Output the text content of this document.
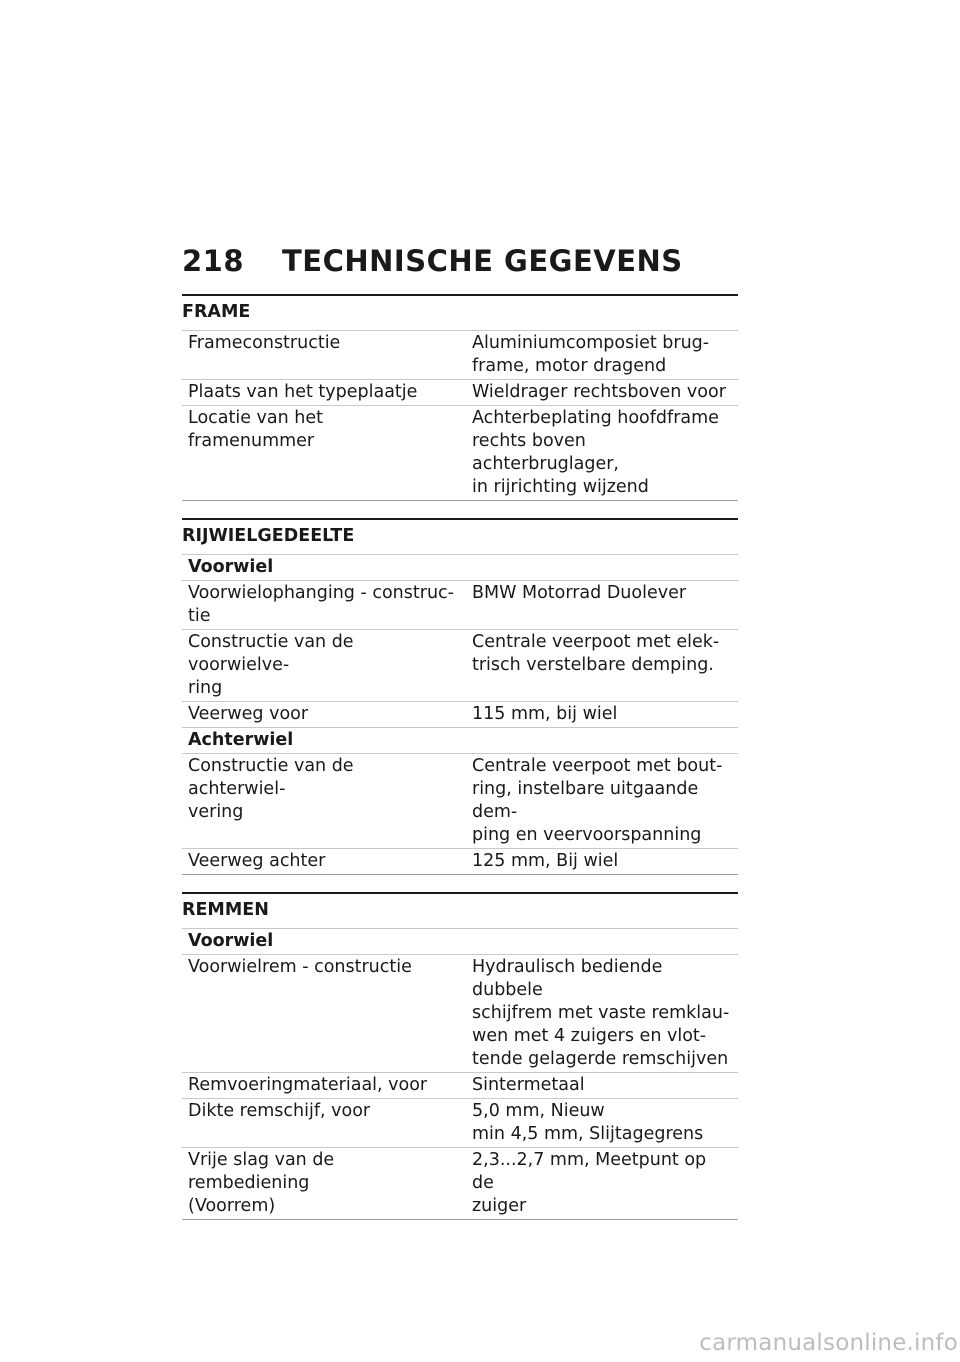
218 TECHNISCHE GEGEVENS
FRAME
Frameconstructie	Aluminiumcomposiet brug-
frame, motor dragend

Plaats van het typeplaatje	Wieldrager rechtsboven voor

Locatie van het framenummer	Achterbeplating hoofdframe
rechts boven achterbruglager,
in rijrichting wijzend
RIJWIELGEDEELTE
Voorwiel	

Voorwielophanging - construc-
tie	BMW Motorrad Duolever

Constructie van de voorwielve-
ring	Centrale veerpoot met elek-
trisch verstelbare demping.

Veerweg voor	115 mm, bij wiel

Achterwiel	

Constructie van de achterwiel-
vering	Centrale veerpoot met bout-
ring, instelbare uitgaande dem-
ping en veervoorspanning

Veerweg achter	125 mm, Bij wiel
REMMEN
Voorwiel	

Voorwielrem - constructie	Hydraulisch bediende dubbele
schijfrem met vaste remklau-
wen met 4 zuigers en vlot-
tende gelagerde remschijven

Remvoeringmateriaal, voor	Sintermetaal

Dikte remschijf, voor	5,0 mm, Nieuw
min 4,5 mm, Slijtagegrens

Vrije slag van de rembediening
(Voorrem)	2,3...2,7 mm, Meetpunt op de
zuiger
carmanualsonline.info
